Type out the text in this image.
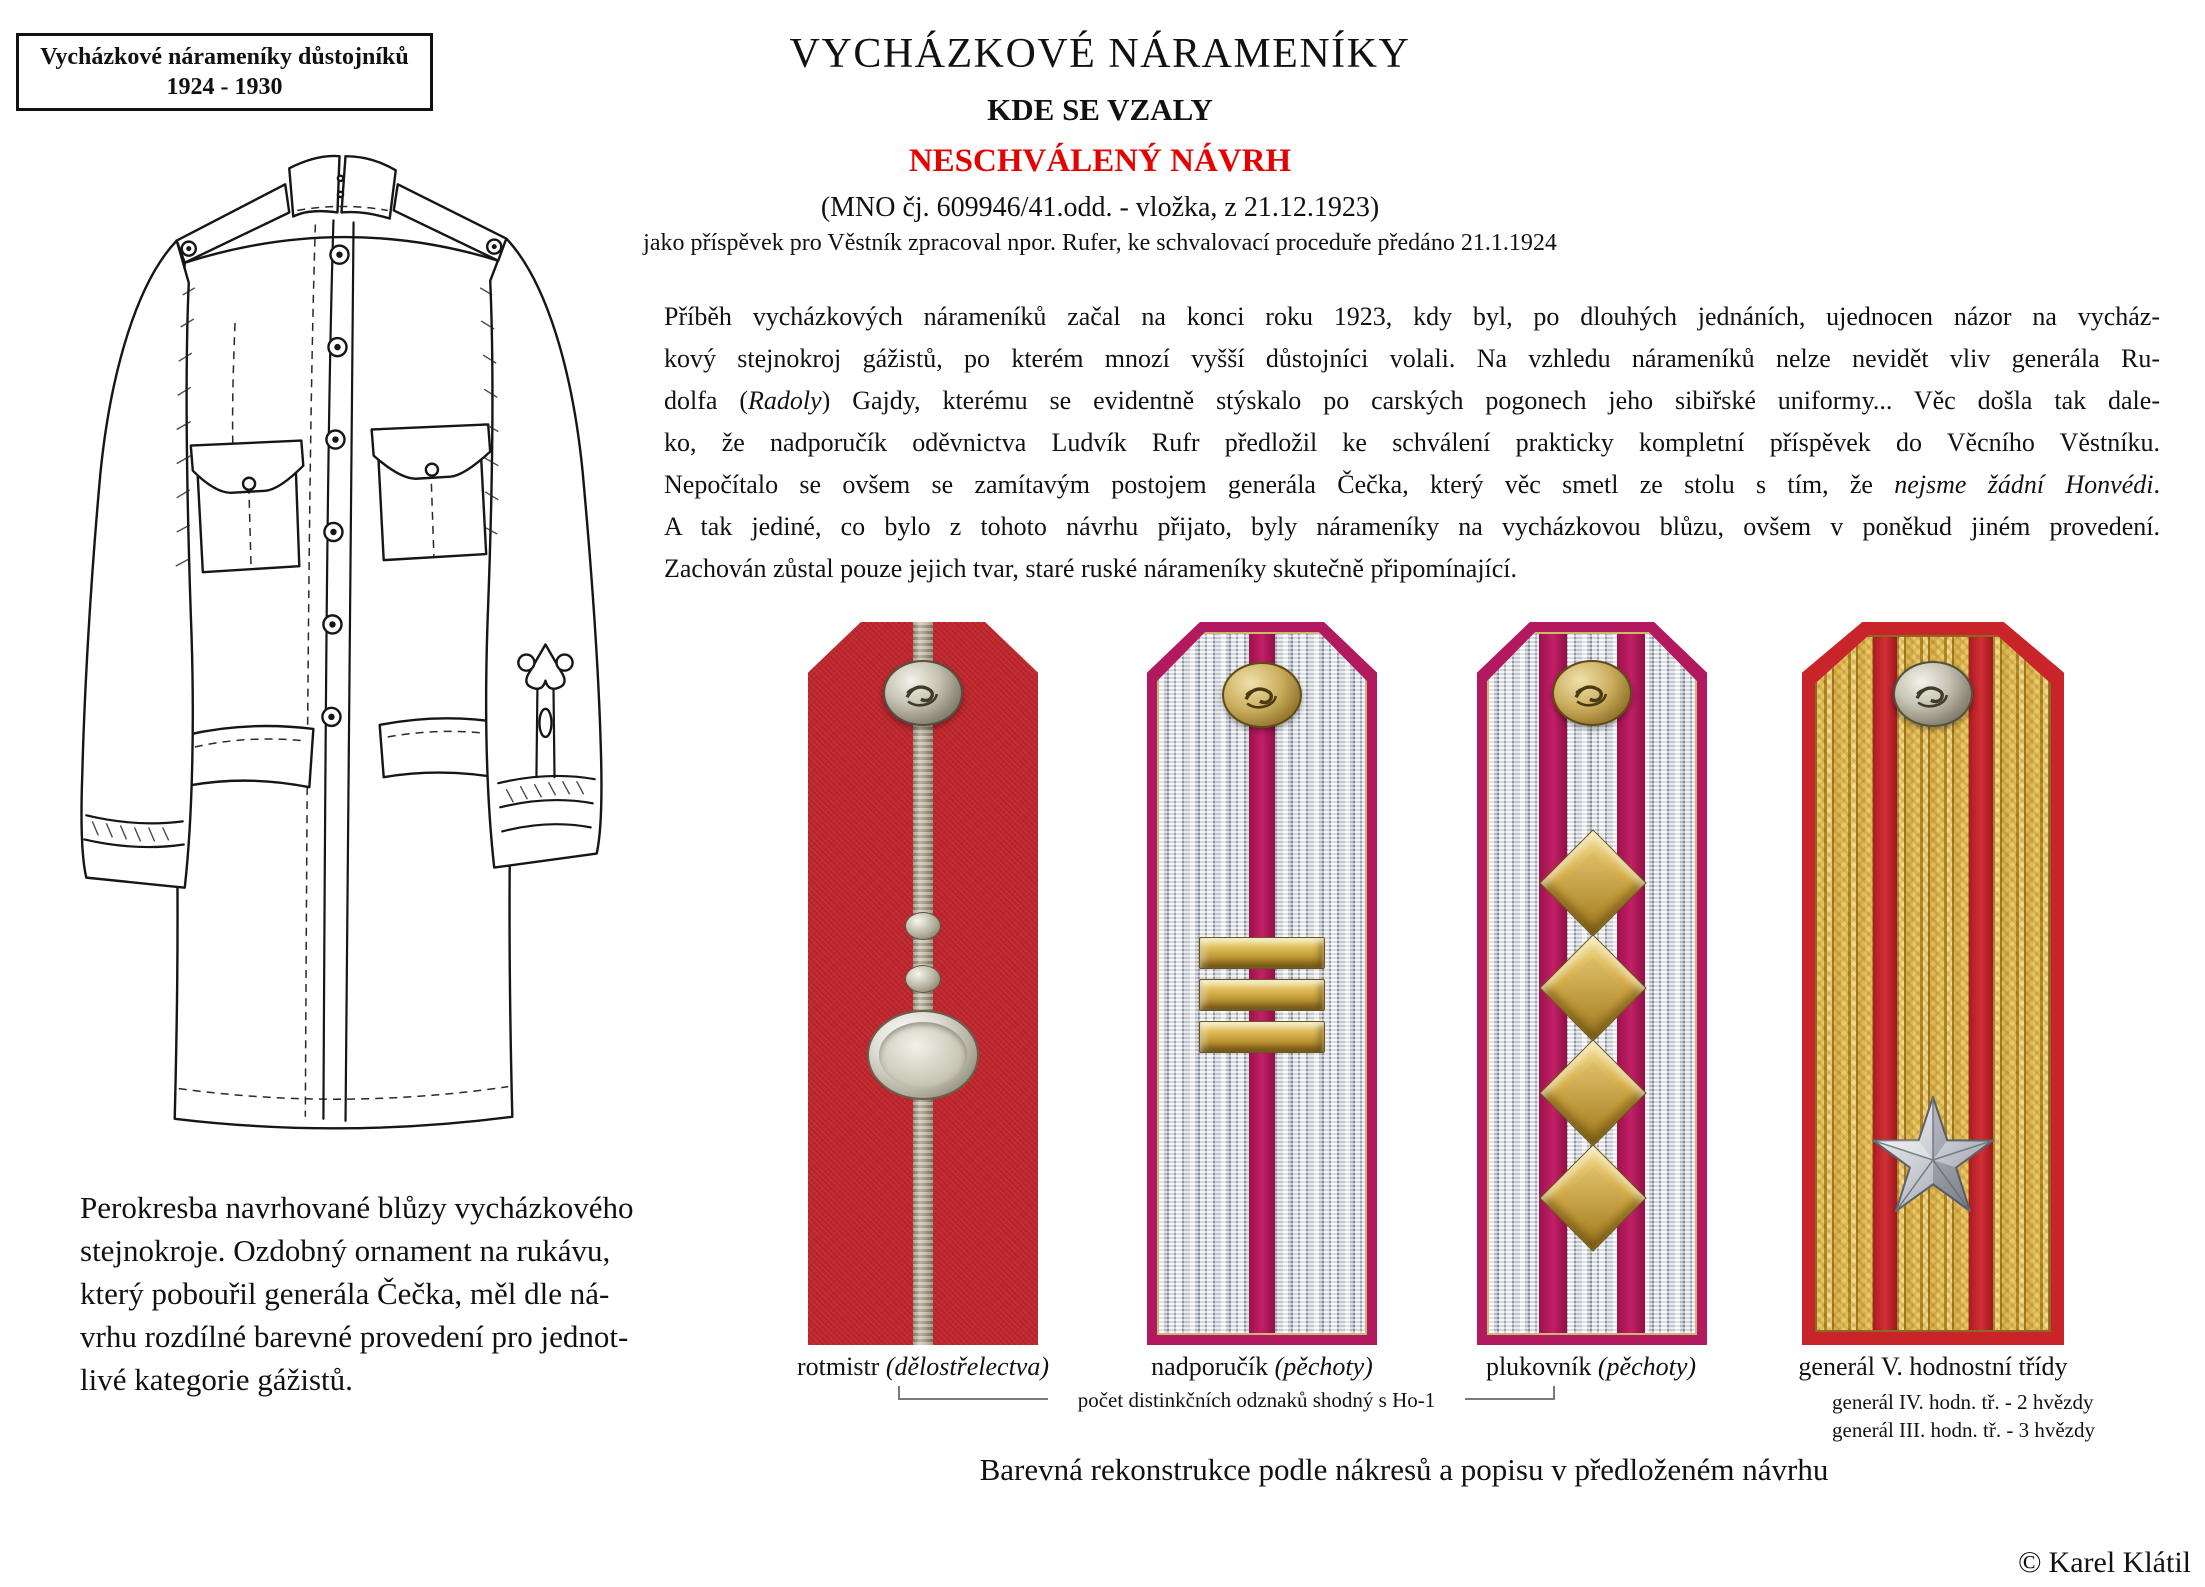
Vycházkové nárameníky důstojníků
1924 - 1930
VYCHÁZKOVÉ NÁRAMENÍKY
KDE SE VZALY
NESCHVÁLENÝ NÁVRH
(MNO čj. 609946/41.odd. - vložka, z 21.12.1923)
jako příspěvek pro Věstník zpracoval npor. Rufer, ke schvalovací proceduře předáno 21.1.1924
Příběh vycházkových nárameníků začal na konci roku 1923, kdy byl, po dlouhých jednáních, ujednocen názor na vycház-
kový stejnokroj gážistů, po kterém mnozí vyšší důstojníci volali. Na vzhledu nárameníků nelze nevidět vliv generála Ru-
dolfa (Radoly) Gajdy, kterému se evidentně stýskalo po carských pogonech jeho sibiřské uniformy... Věc došla tak dale-
ko, že nadporučík oděvnictva Ludvík Rufr předložil ke schválení prakticky kompletní příspěvek do Věcního Věstníku.
Nepočítalo se ovšem se zamítavým postojem generála Čečka, který věc smetl ze stolu s tím, že nejsme žádní Honvédi.
A tak jediné, co bylo z tohoto návrhu přijato, byly nárameníky na vycházkovou blůzu, ovšem v poněkud jiném provedení.
Zachován zůstal pouze jejich tvar, staré ruské nárameníky skutečně připomínající.
Perokresba navrhované blůzy vycházkového
stejnokroje. Ozdobný ornament na rukávu,
který pobouřil generála Čečka, měl dle ná-
vrhu rozdílné barevné provedení pro jednot-
livé kategorie gážistů.	rotmistr (dělostřelectva)	nadporučík (pěchoty)	plukovník (pěchoty)	generál V. hodnostní třídy
počet distinkčních odznaků shodný s Ho-1	generál IV. hodn. tř. - 2 hvězdy
generál III. hodn. tř. - 3 hvězdy
Barevná rekonstrukce podle nákresů a popisu v předloženém návrhu
© Karel Klátil
